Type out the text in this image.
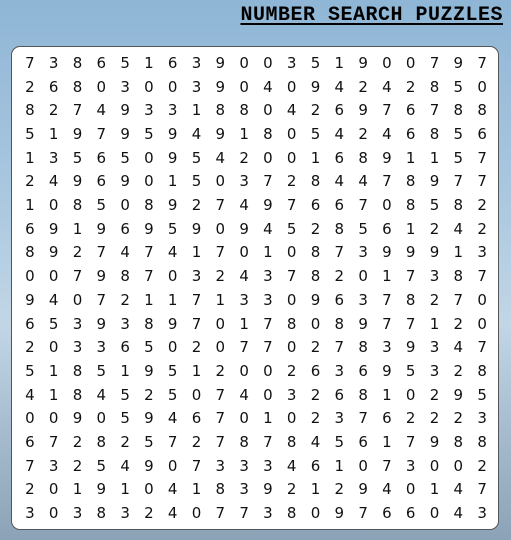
NUMBER SEARCH PUZZLES
7 3 8 6 5 1 6 3 9 0 0 3 5 1 9 0 0 7 9 7
2 6 8 0 3 0 0 3 9 0 4 0 9 4 2 4 2 8 5 0
8 2 7 4 9 3 3 1 8 8 0 4 2 6 9 7 6 7 8 8
5 1 9 7 9 5 9 4 9 1 8 0 5 4 2 4 6 8 5 6
1 3 5 6 5 0 9 5 4 2 0 0 1 6 8 9 1 1 5 7
2 4 9 6 9 0 1 5 0 3 7 2 8 4 4 7 8 9 7 7
1 0 8 5 0 8 9 2 7 4 9 7 6 6 7 0 8 5 8 2
6 9 1 9 6 9 5 9 0 9 4 5 2 8 5 6 1 2 4 2
8 9 2 7 4 7 4 1 7 0 1 0 8 7 3 9 9 9 1 3
0 0 7 9 8 7 0 3 2 4 3 7 8 2 0 1 7 3 8 7
9 4 0 7 2 1 1 7 1 3 3 0 9 6 3 7 8 2 7 0
6 5 3 9 3 8 9 7 0 1 7 8 0 8 9 7 7 1 2 0
2 0 3 3 6 5 0 2 0 7 7 0 2 7 8 3 9 3 4 7
5 1 8 5 1 9 5 1 2 0 0 2 6 3 6 9 5 3 2 8
4 1 8 4 5 2 5 0 7 4 0 3 2 6 8 1 0 2 9 5
0 0 9 0 5 9 4 6 7 0 1 0 2 3 7 6 2 2 2 3
6 7 2 8 2 5 7 2 7 8 7 8 4 5 6 1 7 9 8 8
7 3 2 5 4 9 0 7 3 3 3 4 6 1 0 7 3 0 0 2
2 0 1 9 1 0 4 1 8 3 9 2 1 2 9 4 0 1 4 7
3 0 3 8 3 2 4 0 7 7 3 8 0 9 7 6 6 0 4 3
